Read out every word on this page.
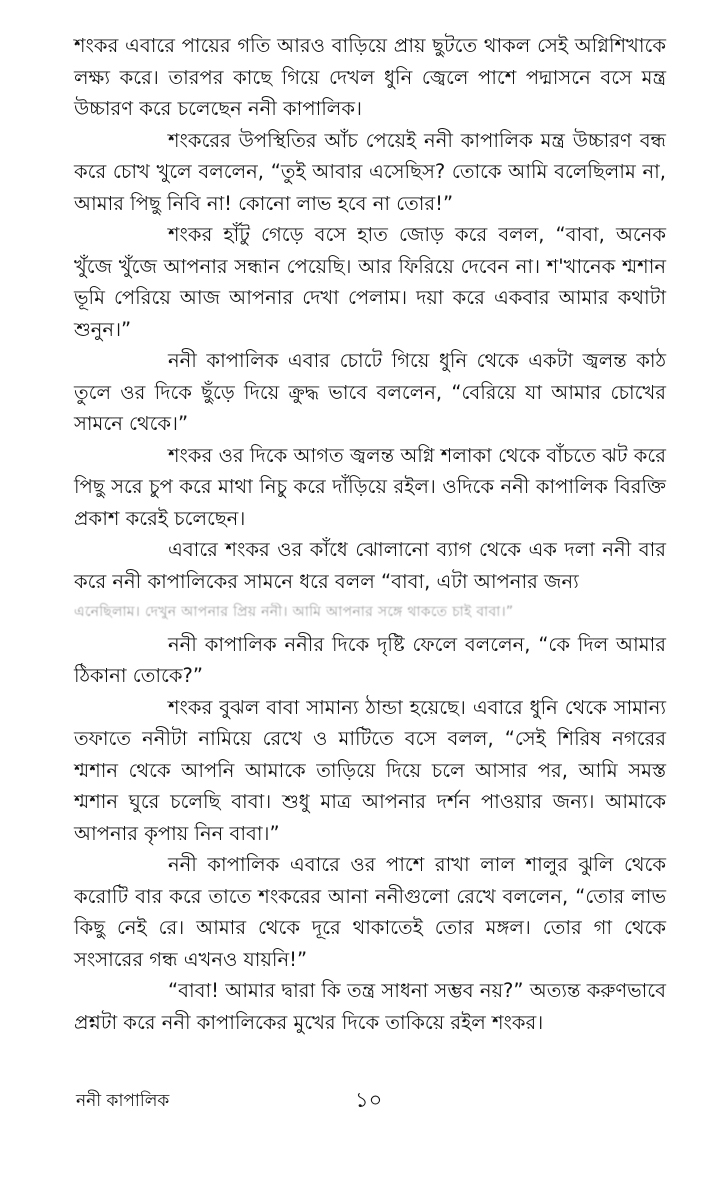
শংকর এবারে পায়ের গতি আরও বাড়িয়ে প্রায় ছুটতে থাকল সেই অগ্নিশিখাকে লক্ষ্য করে। তারপর কাছে গিয়ে দেখল ধুনি জ্বেলে পাশে পদ্মাসনে বসে মন্ত্র উচ্চারণ করে চলেছেন ননী কাপালিক।

শংকরের উপস্থিতির আঁচ পেয়েই ননী কাপালিক মন্ত্র উচ্চারণ বন্ধ করে চোখ খুলে বললেন, “তুই আবার এসেছিস? তোকে আমি বলেছিলাম না, আমার পিছু নিবি না! কোনো লাভ হবে না তোর!”

শংকর হাঁটু গেড়ে বসে হাত জোড় করে বলল, “বাবা, অনেক খুঁজে খুঁজে আপনার সন্ধান পেয়েছি। আর ফিরিয়ে দেবেন না। শ'খানেক শ্মশান ভূমি পেরিয়ে আজ আপনার দেখা পেলাম। দয়া করে একবার আমার কথাটা শুনুন।”

ননী কাপালিক এবার চোটে গিয়ে ধুনি থেকে একটা জ্বলন্ত কাঠ তুলে ওর দিকে ছুঁড়ে দিয়ে ক্রুদ্ধ ভাবে বললেন, “বেরিয়ে যা আমার চোখের সামনে থেকে।”

শংকর ওর দিকে আগত জ্বলন্ত অগ্নি শলাকা থেকে বাঁচতে ঝট করে পিছু সরে চুপ করে মাথা নিচু করে দাঁড়িয়ে রইল। ওদিকে ননী কাপালিক বিরক্তি প্রকাশ করেই চলেছেন।

এবারে শংকর ওর কাঁধে ঝোলানো ব্যাগ থেকে এক দলা ননী বার করে ননী কাপালিকের সামনে ধরে বলল “বাবা, এটা আপনার জন্য

এনেছিলাম। দেখুন আপনার প্রিয় ননী। আমি আপনার সঙ্গে থাকতে চাই বাবা।”

ননী কাপালিক ননীর দিকে দৃষ্টি ফেলে বললেন, “কে দিল আমার ঠিকানা তোকে?”

শংকর বুঝল বাবা সামান্য ঠান্ডা হয়েছে। এবারে ধুনি থেকে সামান্য তফাতে ননীটা নামিয়ে রেখে ও মাটিতে বসে বলল, “সেই শিরিষ নগরের শ্মশান থেকে আপনি আমাকে তাড়িয়ে দিয়ে চলে আসার পর, আমি সমস্ত শ্মশান ঘুরে চলেছি বাবা। শুধু মাত্র আপনার দর্শন পাওয়ার জন্য। আমাকে আপনার কৃপায় নিন বাবা।”

ননী কাপালিক এবারে ওর পাশে রাখা লাল শালুর ঝুলি থেকে করোটি বার করে তাতে শংকরের আনা ননীগুলো রেখে বললেন, “তোর লাভ কিছু নেই রে। আমার থেকে দূরে থাকাতেই তোর মঙ্গল। তোর গা থেকে সংসারের গন্ধ এখনও যায়নি!”

“বাবা! আমার দ্বারা কি তন্ত্র সাধনা সম্ভব নয়?” অত্যন্ত করুণভাবে প্রশ্নটা করে ননী কাপালিকের মুখের দিকে তাকিয়ে রইল শংকর।

ননী কাপালিক	১০
